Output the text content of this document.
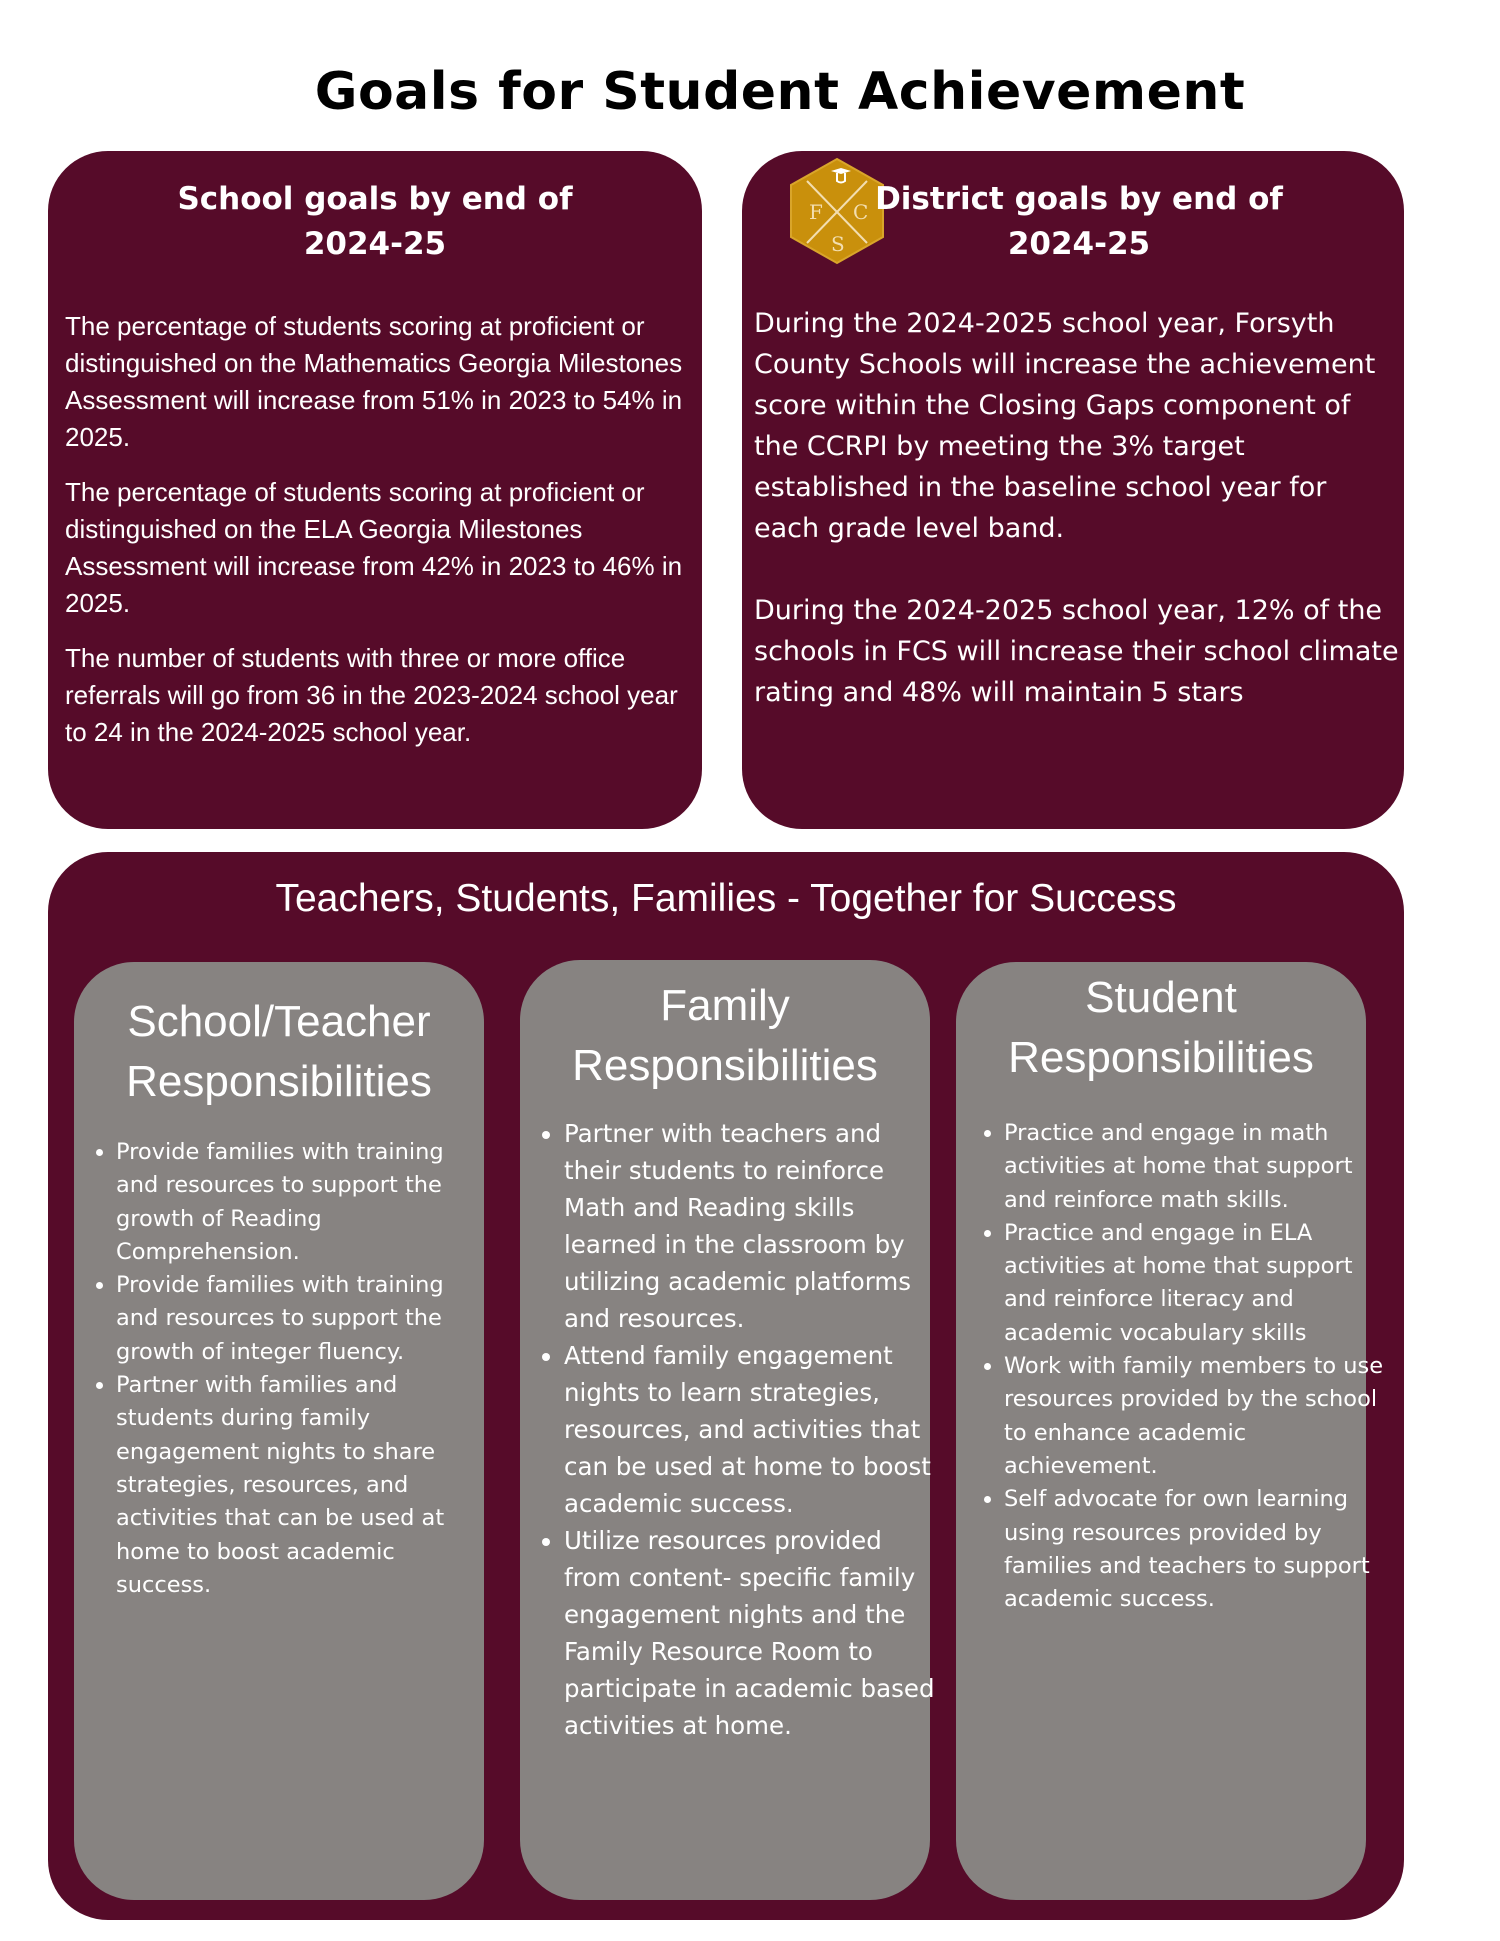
Goals for Student Achievement
School goals by end of
2024-25

The percentage of students scoring at proficient or distinguished on the Mathematics Georgia Milestones Assessment will increase from 51% in 2023 to 54% in 2025.

The percentage of students scoring at proficient or distinguished on the ELA Georgia Milestones Assessment will increase from 42% in 2023 to 46% in 2025.

The number of students with three or more office referrals will go from 36 in the 2023-2024 school year to 24 in the 2024-2025 school year.

F C
S
District goals by end of
2024-25

During the 2024-2025 school year, Forsyth County Schools will increase the achievement score within the Closing Gaps component of the CCRPI by meeting the 3% target established in the baseline school year for each grade level band.

During the 2024-2025 school year, 12% of the schools in FCS will increase their school climate rating and 48% will maintain 5 stars

Teachers, Students, Families - Together for Success
School/Teacher
Responsibilities
• Provide families with training and resources to support the growth of Reading Comprehension.
• Provide families with training and resources to support the growth of integer fluency.
• Partner with families and students during family engagement nights to share strategies, resources, and activities that can be used at home to boost academic success.
Family
Responsibilities
• Partner with teachers and their students to reinforce Math and Reading skills learned in the classroom by utilizing academic platforms and resources.
• Attend family engagement nights to learn strategies, resources, and activities that can be used at home to boost academic success.
• Utilize resources provided from content- specific family engagement nights and the Family Resource Room to participate in academic based activities at home.
Student
Responsibilities
• Practice and engage in math activities at home that support and reinforce math skills.
• Practice and engage in ELA activities at home that support and reinforce literacy and academic vocabulary skills
• Work with family members to use resources provided by the school to enhance academic achievement.
• Self advocate for own learning using resources provided by families and teachers to support academic success.
